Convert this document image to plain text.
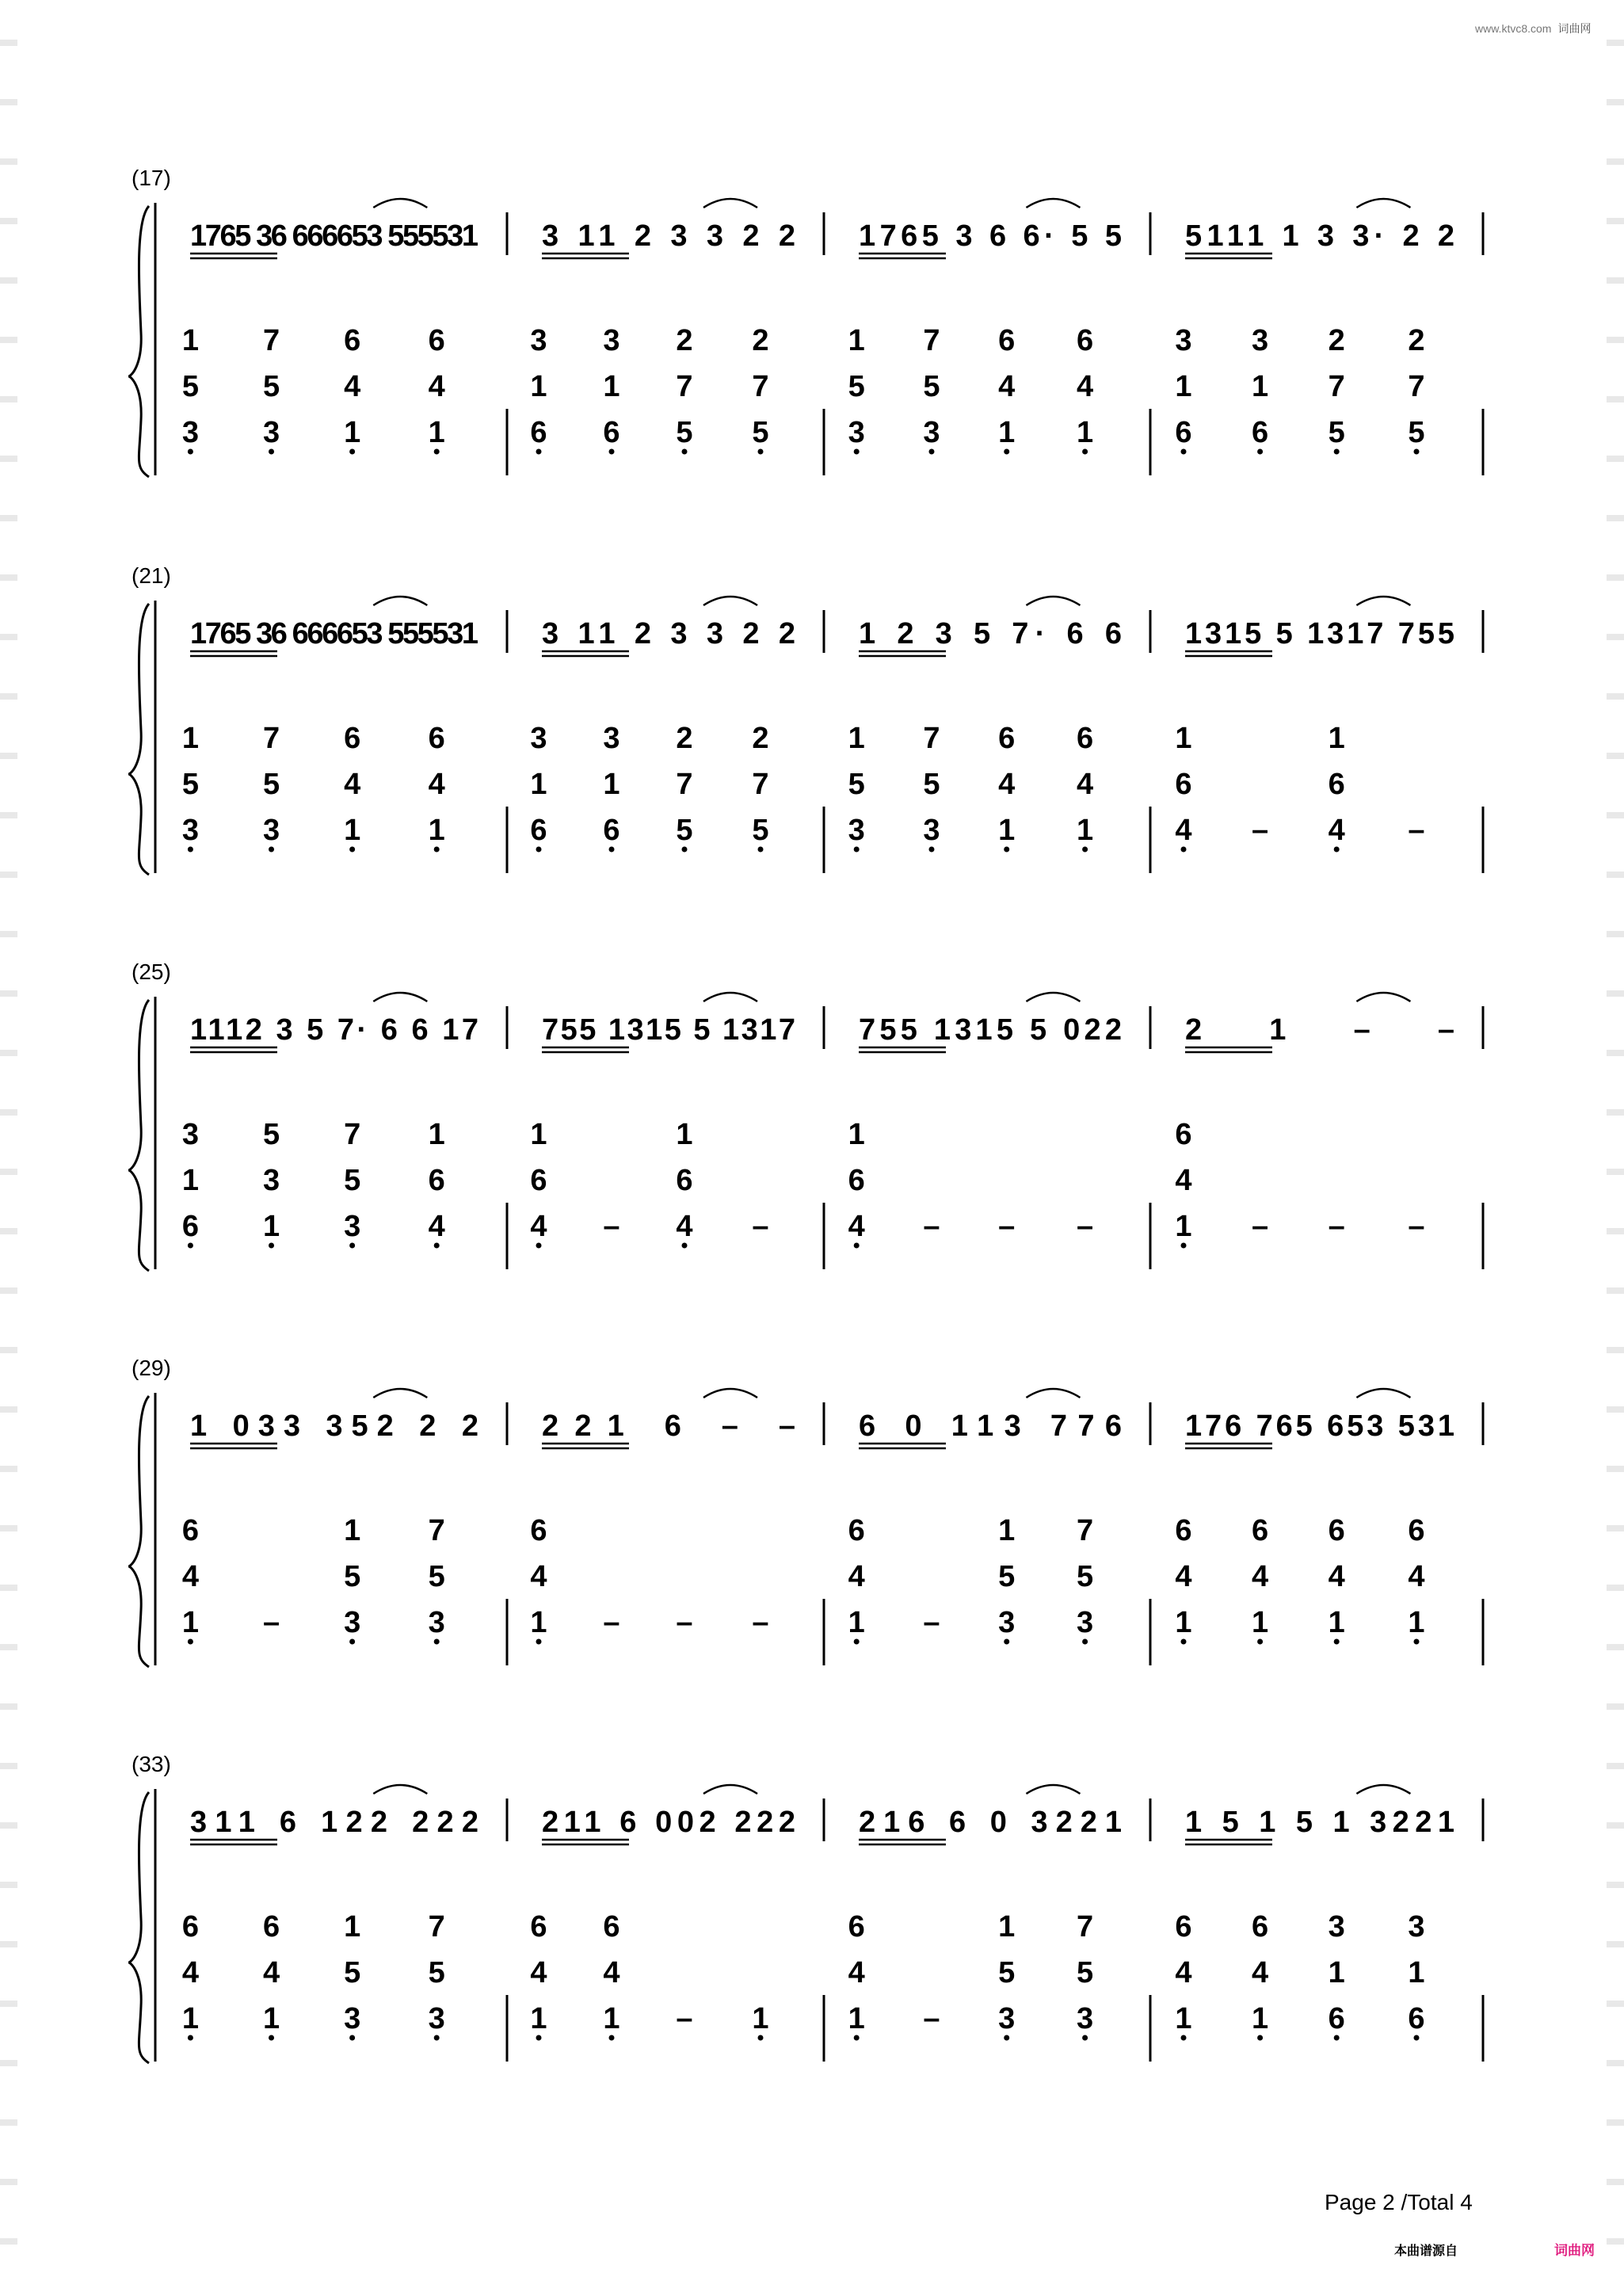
www.ktvc8.com 词曲网
(17)
1765 36 666653 555531
1
5
3
7
5
3
6
4
1
6
4
1
3 11 2 3 3 2 2
3
1
6
3
1
6
2
7
5
2
7
5
1765 3 6 6· 5 5
1
5
3
7
5
3
6
4
1
6
4
1
5111 1 3 3· 2 2
3
1
6
3
1
6
2
7
5
2
7
5
(21)
1765 36 666653 555531
1
5
3
7
5
3
6
4
1
6
4
1
3 11 2 3 3 2 2
3
1
6
3
1
6
2
7
5
2
7
5
1 2 3 5 7· 6 6
1
5
3
7
5
3
6
4
1
6
4
1
1315 5 1317 755
1
6
4 –
1
6
4 –
(25)
1112 3 5 7· 6 6 17
3
1
6
5
3
1
7
5
3
1
6
4
755 1315 5 1317
1
6
4 –
1
6
4 –
755 1315 5 022
1
6
4 – – –
2 1 – –
6
4
1 – – –
(29)
1 033 352 2 2
6
4
1 –
1
5
3
7
5
3
221 6 – –
6
4
1 – – –
6 0 113 776
6
4
1 –
1
5
3
7
5
3
176 765 653 531
6
4
1
6
4
1
6
4
1
6
4
1
(33)
311 6 122 222
6
4
1
6
4
1
1
5
3
7
5
3
211 6 002 222
6
4
1
6
4
1 – 1
216 6 0 3221
6
4
1 –
1
5
3
7
5
3
1 5 1 5 1 3221
6
4
1
6
4
1
3
1
6
3
1
6
Page 2 /Total 4
本曲谱源自	词曲网
